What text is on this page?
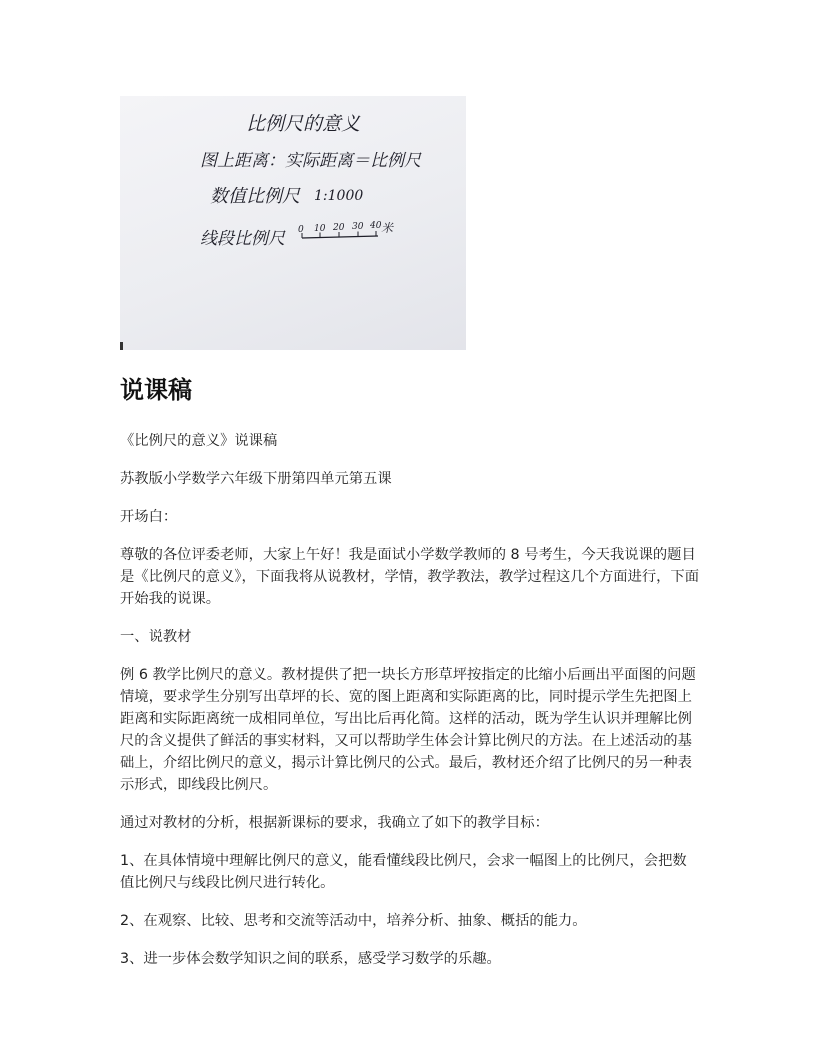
比例尺的意义
图上距离：实际距离＝比例尺
数值比例尺 1:1000
线段比例尺 0 10 20 30 40 米
说课稿

《比例尺的意义》说课稿

苏教版小学数学六年级下册第四单元第五课

开场白：

尊敬的各位评委老师，大家上午好！我是面试小学数学教师的 8 号考生，今天我说课的题目是《比例尺的意义》，下面我将从说教材，学情，教学教法，教学过程这几个方面进行，下面开始我的说课。

一、说教材

例 6 教学比例尺的意义。教材提供了把一块长方形草坪按指定的比缩小后画出平面图的问题情境，要求学生分别写出草坪的长、宽的图上距离和实际距离的比，同时提示学生先把图上距离和实际距离统一成相同单位，写出比后再化简。这样的活动，既为学生认识并理解比例尺的含义提供了鲜活的事实材料，又可以帮助学生体会计算比例尺的方法。在上述活动的基础上，介绍比例尺的意义，揭示计算比例尺的公式。最后，教材还介绍了比例尺的另一种表示形式，即线段比例尺。

通过对教材的分析，根据新课标的要求，我确立了如下的教学目标：

1、在具体情境中理解比例尺的意义，能看懂线段比例尺，会求一幅图上的比例尺，会把数值比例尺与线段比例尺进行转化。

2、在观察、比较、思考和交流等活动中，培养分析、抽象、概括的能力。

3、进一步体会数学知识之间的联系，感受学习数学的乐趣。
